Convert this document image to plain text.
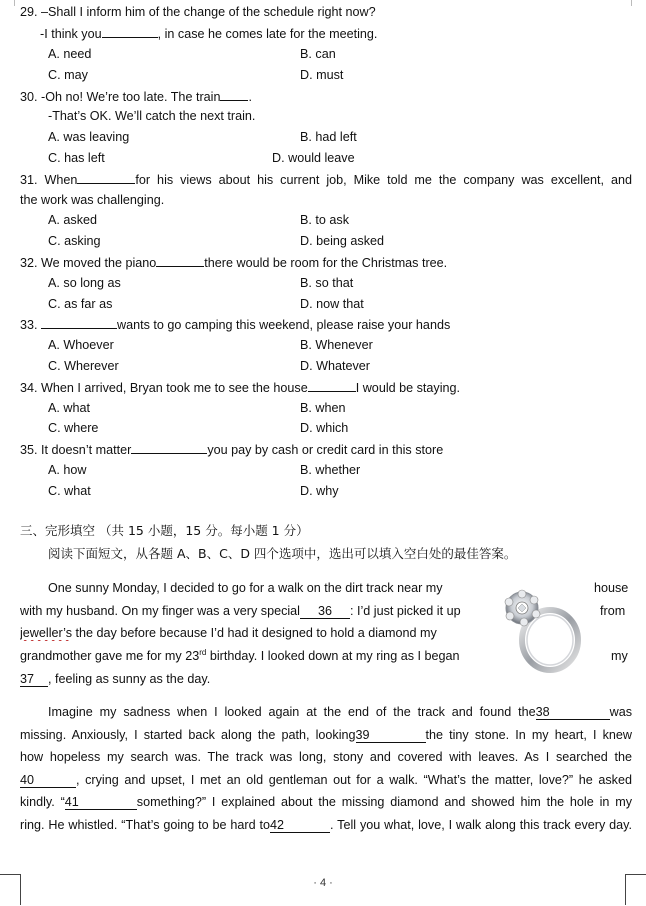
29. –Shall I inform him of the change of the schedule right now?
-I think you	, in case he comes late for the meeting.
A. need	B. can
C. may	D. must
30. -Oh no! We’re too late. The train .
-That’s OK. We’ll catch the next train.
A. was leaving	B. had left
C. has left	D. would leave
31. When	for his views about his current job, Mike told me the company was excellent, and
the work was challenging.
A. asked	B. to ask
C. asking	D. being asked
32. We moved the piano	there would be room for the Christmas tree.
A. so long as	B. so that
C. as far as	D. now that
33.	wants to go camping this weekend, please raise your hands
A. Whoever	B. Whenever
C. Wherever	D. Whatever
34. When I arrived, Bryan took me to see the house	I would be staying.
A. what	B. when
C. where	D. which
35. It doesn’t matter	you pay by cash or credit card in this store
A. how	B. whether
C. what	D. why
三、完形填空 （共 15 小题，15 分。每小题 1 分）
阅读下面短文，从各题 A、B、C、D 四个选项中，选出可以填入空白处的最佳答案。
One sunny Monday, I decided to go for a walk on the dirt track near my	house
with my husband. On my finger was a very special 36 : I’d just picked it up	from
jeweller’s the day before because I’d had it designed to hold a diamond my
grandmother gave me for my 23rd birthday. I looked down at my ring as I began	my
37 , feeling as sunny as the day.
Imagine my sadness when I looked again at the end of the track and found the38	was
missing. Anxiously, I started back along the path, looking39	the tiny stone. In my heart, I knew
how hopeless my search was. The track was long, stony and covered with leaves. As I searched the
40	, crying and upset, I met an old gentleman out for a walk. “What’s the matter, love?” he asked
kindly. “41	something?” I explained about the missing diamond and showed him the hole in my
ring. He whistled. “That’s going to be hard to42	. Tell you what, love, I walk along this track every day.
· 4 ·
